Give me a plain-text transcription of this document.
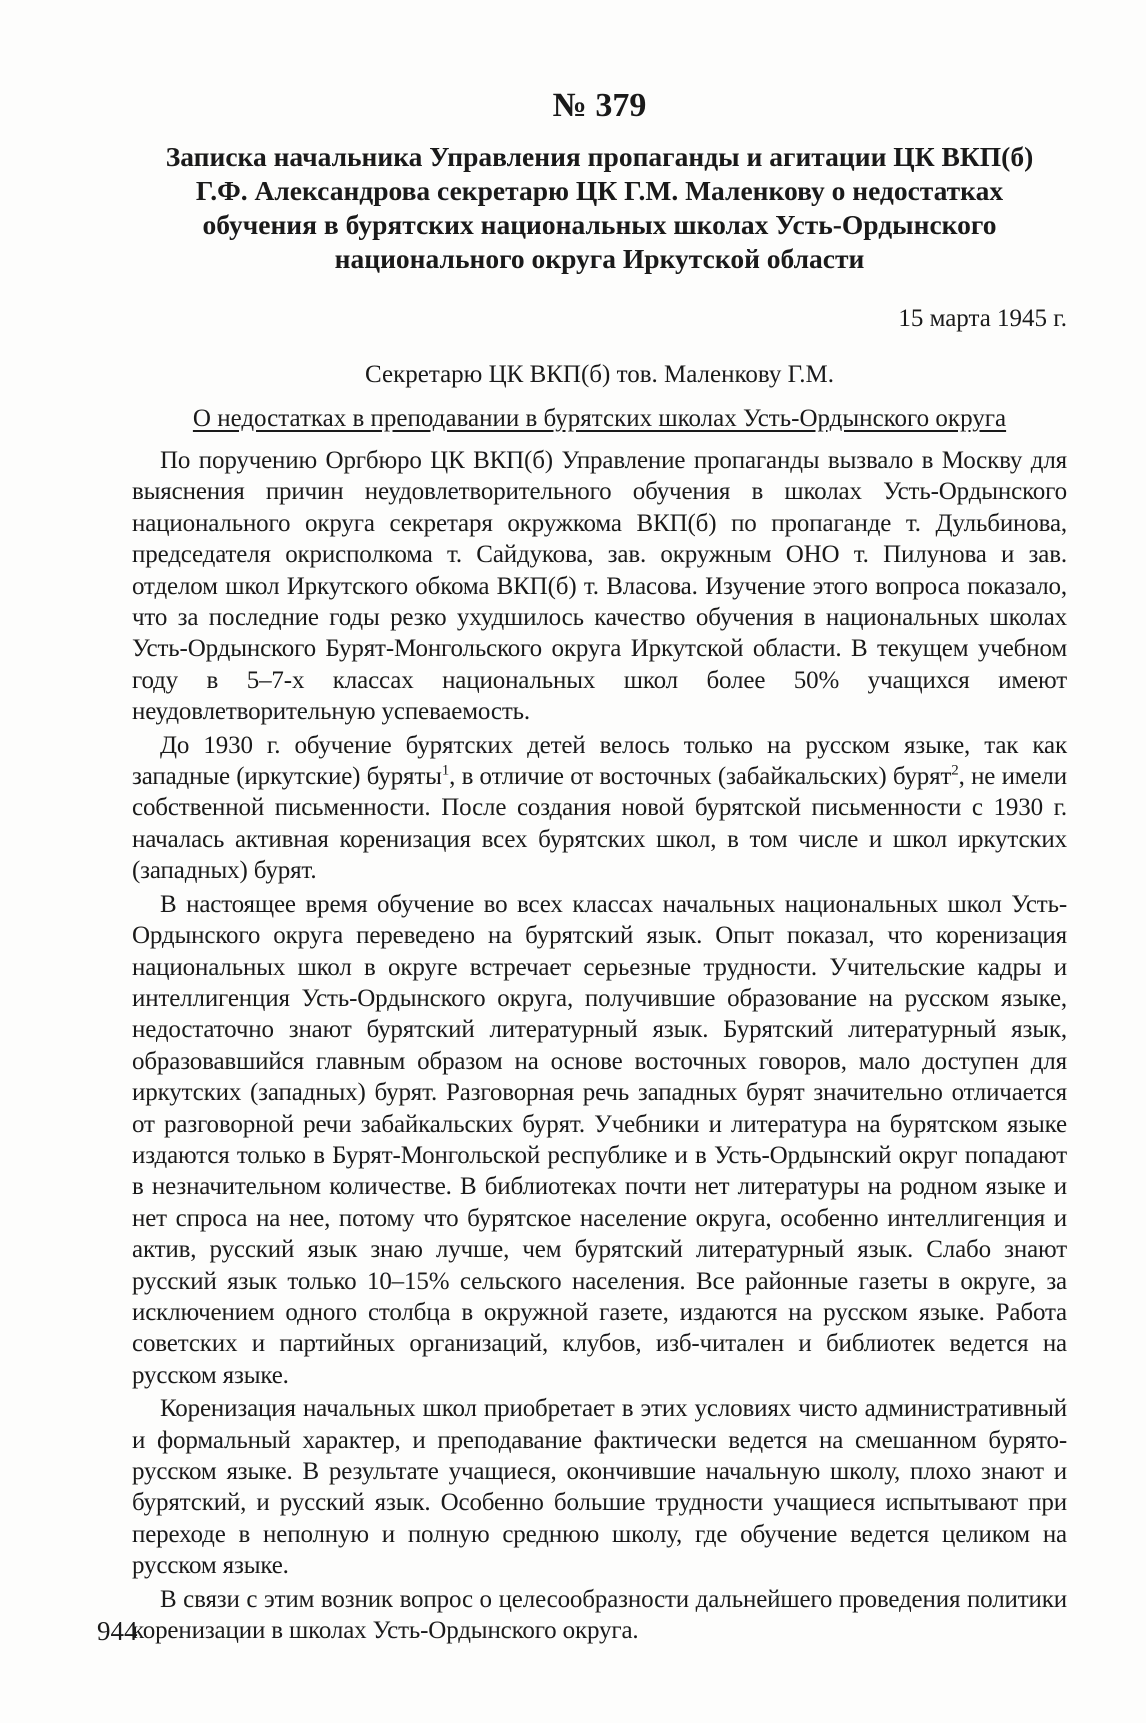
№ 379
Записка начальника Управления пропаганды и агитации ЦК ВКП(б)
Г.Ф. Александрова секретарю ЦК Г.М. Маленкову о недостатках
обучения в бурятских национальных школах Усть-Ордынского
национального округа Иркутской области
15 марта 1945 г.
Секретарю ЦК ВКП(б) тов. Маленкову Г.М.
О недостатках в преподавании в бурятских школах Усть-Ордынского округа

По поручению Оргбюро ЦК ВКП(б) Управление пропаганды вызвало в Москву для выяснения причин неудовлетворительного обучения в школах Усть-Ордынского национального округа секретаря окружкома ВКП(б) по пропаганде т. Дульбинова, председателя окрисполкома т. Сайдукова, зав. окружным ОНО т. Пилунова и зав. отделом школ Иркутского обкома ВКП(б) т. Власова. Изучение этого вопроса показало, что за последние годы резко ухудшилось качество обучения в национальных школах Усть-Ордынского Бурят-Монгольского округа Иркутской области. В текущем учебном году в 5–7-х классах национальных школ более 50% учащихся имеют неудовлетворительную успеваемость.

До 1930 г. обучение бурятских детей велось только на русском языке, так как западные (иркутские) буряты$^1$, в отличие от восточных (забайкальских) бурят$^2$, не имели собственной письменности. После создания новой бурятской письменности с 1930 г. началась активная коренизация всех бурятских школ, в том числе и школ иркутских (западных) бурят.

В настоящее время обучение во всех классах начальных национальных школ Усть-Ордынского округа переведено на бурятский язык. Опыт показал, что коренизация национальных школ в округе встречает серьезные трудности. Учительские кадры и интеллигенция Усть-Ордынского округа, получившие образование на русском языке, недостаточно знают бурятский литературный язык. Бурятский литературный язык, образовавшийся главным образом на основе восточных говоров, мало доступен для иркутских (западных) бурят. Разговорная речь западных бурят значительно отличается от разговорной речи забайкальских бурят. Учебники и литература на бурятском языке издаются только в Бурят-Монгольской республике и в Усть-Ордынский округ попадают в незначительном количестве. В библиотеках почти нет литературы на родном языке и нет спроса на нее, потому что бурятское население округа, особенно интеллигенция и актив, русский язык знаю лучше, чем бурятский литературный язык. Слабо знают русский язык только 10–15% сельского населения. Все районные газеты в округе, за исключением одного столбца в окружной газете, издаются на русском языке. Работа советских и партийных организаций, клубов, изб-читален и библиотек ведется на русском языке.

Коренизация начальных школ приобретает в этих условиях чисто административный и формальный характер, и преподавание фактически ведется на смешанном бурято-русском языке. В результате учащиеся, окончившие начальную школу, плохо знают и бурятский, и русский язык. Особенно большие трудности учащиеся испытывают при переходе в неполную и полную среднюю школу, где обучение ведется целиком на русском языке.

В связи с этим возник вопрос о целесообразности дальнейшего проведения политики коренизации в школах Усть-Ордынского округа.

944
